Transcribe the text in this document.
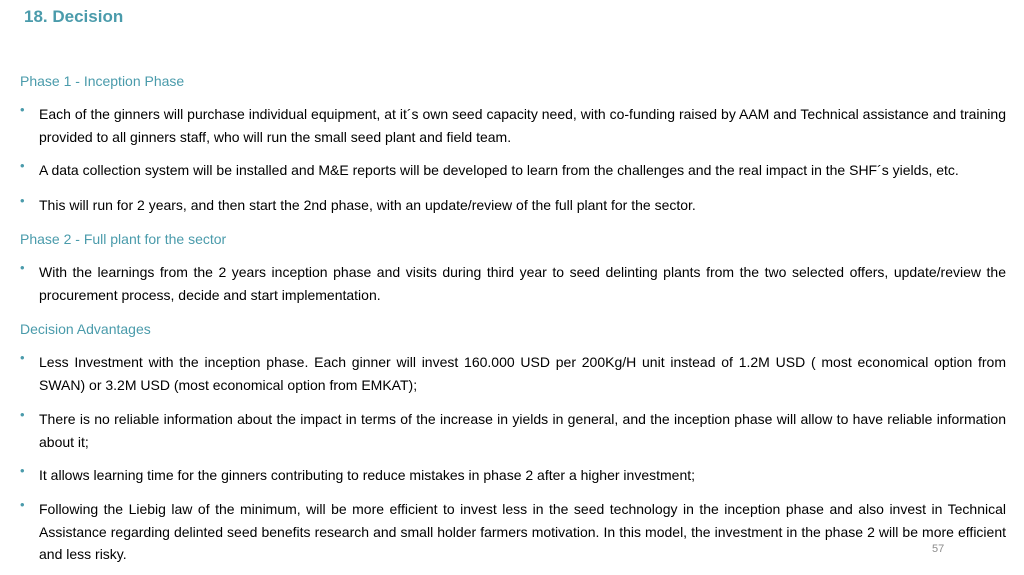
18. Decision
Phase 1 - Inception Phase
• Each of the ginners will purchase individual equipment, at it´s own seed capacity need, with co-funding raised by AAM and Technical assistance and training provided to all ginners staff, who will run the small seed plant and field team.
• A data collection system will be installed and M&E reports will be developed to learn from the challenges and the real impact in the SHF´s yields, etc.
• This will run for 2 years, and then start the 2nd phase, with an update/review of the full plant for the sector.
Phase 2 - Full plant for the sector
• With the learnings from the 2 years inception phase and visits during third year to seed delinting plants from the two selected offers, update/review the procurement process, decide and start implementation.
Decision Advantages
• Less Investment with the inception phase. Each ginner will invest 160.000 USD per 200Kg/H unit instead of 1.2M USD ( most economical option from SWAN) or 3.2M USD (most economical option from EMKAT);
• There is no reliable information about the impact in terms of the increase in yields in general, and the inception phase will allow to have reliable information about it;
• It allows learning time for the ginners contributing to reduce mistakes in phase 2 after a higher investment;
• Following the Liebig law of the minimum, will be more efficient to invest less in the seed technology in the inception phase and also invest in Technical Assistance regarding delinted seed benefits research and small holder farmers motivation. In this model, the investment in the phase 2 will be more efficient and less risky.	57
